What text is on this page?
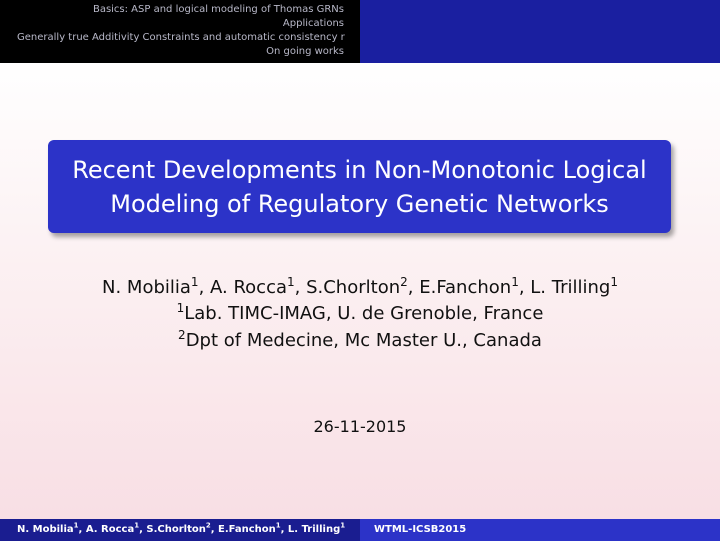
Basics: ASP and logical modeling of Thomas GRNs
Applications
Generally true Additivity Constraints and automatic consistency r
On going works
Recent Developments in Non-Monotonic Logical
Modeling of Regulatory Genetic Networks
N. Mobilia$^1$, A. Rocca$^1$, S.Chorlton$^2$, E.Fanchon$^1$, L. Trilling$^1$
$^1$Lab. TIMC-IMAG, U. de Grenoble, France
$^2$Dpt of Medecine, Mc Master U., Canada
26-11-2015
N. Mobilia$^1$, A. Rocca$^1$, S.Chorlton$^2$, E.Fanchon$^1$, L. Trilling$^1$	WTML-ICSB2015
